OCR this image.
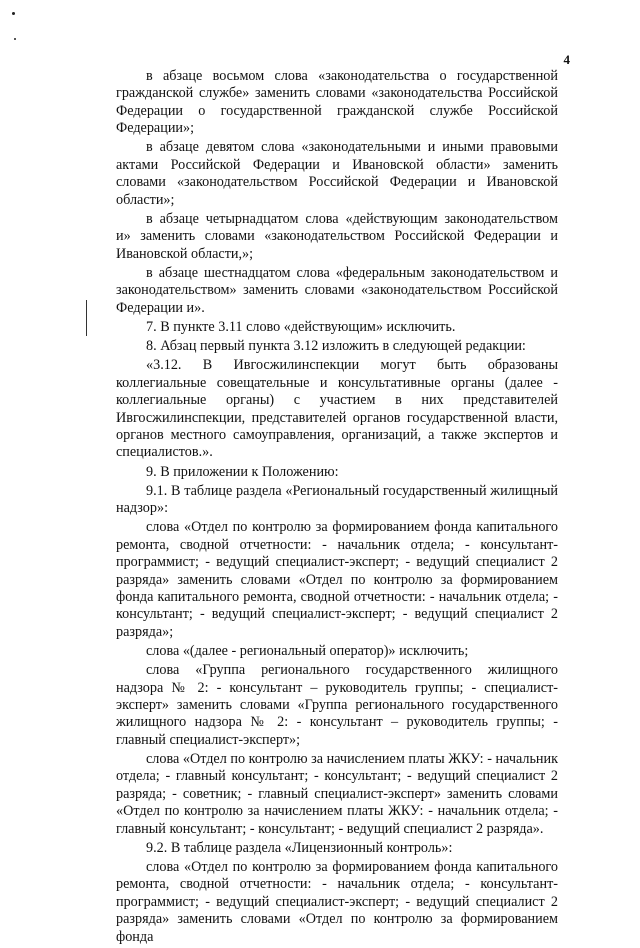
4

в абзаце восьмом слова «законодательства о государственной гражданской службе» заменить словами «законодательства Российской Федерации о государственной гражданской службе Российской Федерации»;

в абзаце девятом слова «законодательными и иными правовыми актами Российской Федерации и Ивановской области» заменить словами «законодательством Российской Федерации и Ивановской области»;

в абзаце четырнадцатом слова «действующим законодательством и» заменить словами «законодательством Российской Федерации и Ивановской области,»;

в абзаце шестнадцатом слова «федеральным законодательством и законодательством» заменить словами «законодательством Российской Федерации и».

7. В пункте 3.11 слово «действующим» исключить.

8. Абзац первый пункта 3.12 изложить в следующей редакции:

«3.12. В Ивгосжилинспекции могут быть образованы коллегиальные совещательные и консультативные органы (далее - коллегиальные органы) с участием в них представителей Ивгосжилинспекции, представителей органов государственной власти, органов местного самоуправления, организаций, а также экспертов и специалистов.».

9. В приложении к Положению:

9.1. В таблице раздела «Региональный государственный жилищный надзор»:

слова «Отдел по контролю за формированием фонда капитального ремонта, сводной отчетности: - начальник отдела; - консультант-программист; - ведущий специалист-эксперт; - ведущий специалист 2 разряда» заменить словами «Отдел по контролю за формированием фонда капитального ремонта, сводной отчетности: - начальник отдела; - консультант; - ведущий специалист-эксперт; - ведущий специалист 2 разряда»;

слова «(далее - региональный оператор)» исключить;

слова «Группа регионального государственного жилищного надзора № 2: - консультант – руководитель группы; - специалист-эксперт» заменить словами «Группа регионального государственного жилищного надзора № 2: - консультант – руководитель группы; - главный специалист-эксперт»;

слова «Отдел по контролю за начислением платы ЖКУ: - начальник отдела; - главный консультант; - консультант; - ведущий специалист 2 разряда; - советник; - главный специалист-эксперт» заменить словами «Отдел по контролю за начислением платы ЖКУ: - начальник отдела; - главный консультант; - консультант; - ведущий специалист 2 разряда».

9.2. В таблице раздела «Лицензионный контроль»:

слова «Отдел по контролю за формированием фонда капитального ремонта, сводной отчетности: - начальник отдела; - консультант-программист; - ведущий специалист-эксперт; - ведущий специалист 2 разряда» заменить словами «Отдел по контролю за формированием фонда
